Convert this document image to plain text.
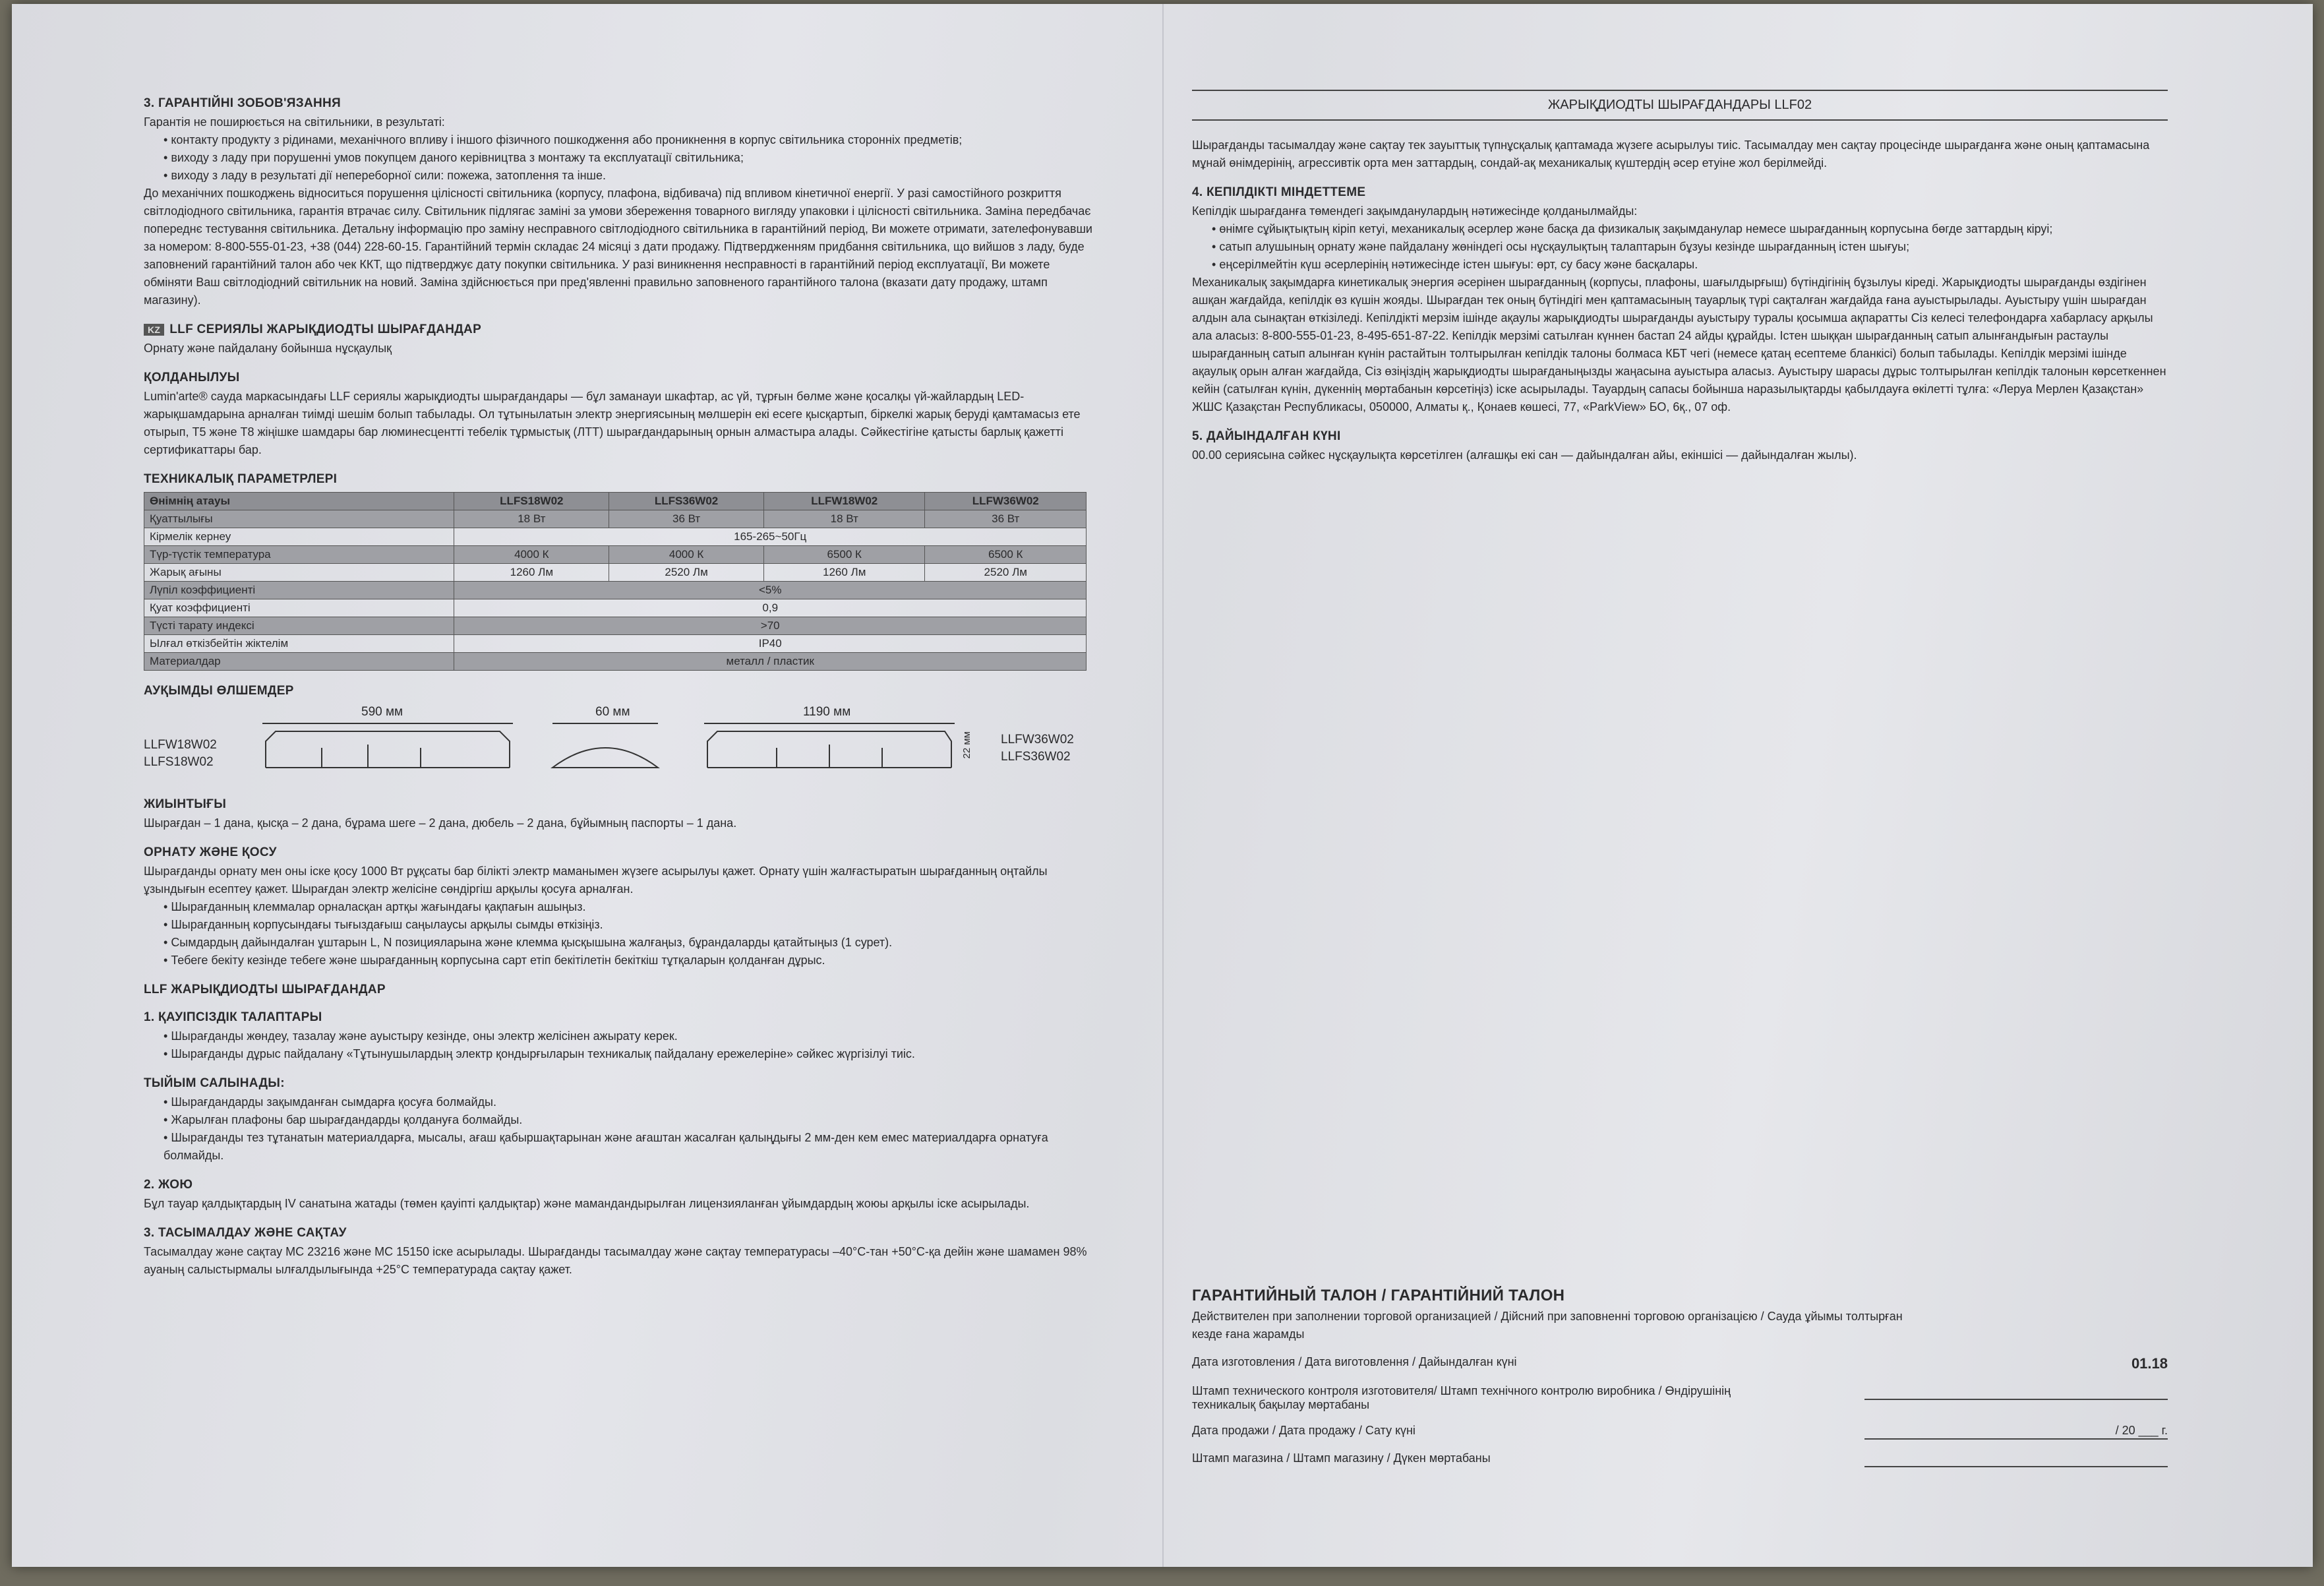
3. ГАРАНТІЙНІ ЗОБОВ'ЯЗАННЯ

Гарантія не поширюється на світильники, в результаті:

• контакту продукту з рідинами, механічного впливу і іншого фізичного пошкодження або проникнення в корпус світильника сторонніх предметів;
• виходу з ладу при порушенні умов покупцем даного керівництва з монтажу та експлуатації світильника;
• виходу з ладу в результаті дії непереборної сили: пожежа, затоплення та інше.

До механічних пошкоджень відноситься порушення цілісності світильника (корпусу, плафона, відбивача) під впливом кінетичної енергії. У разі самостійного розкриття світлодіодного світильника, гарантія втрачає силу. Світильник підлягає заміні за умови збереження товарного вигляду упаковки і цілісності світильника. Заміна передбачає попереднє тестування світильника. Детальну інформацію про заміну несправного світлодіодного світильника в гарантійний період, Ви можете отримати, зателефонувавши за номером: 8-800-555-01-23, +38 (044) 228-60-15. Гарантійний термін складає 24 місяці з дати продажу. Підтвердженням придбання світильника, що вийшов з ладу, буде заповнений гарантійний талон або чек ККТ, що підтверджує дату покупки світильника. У разі виникнення несправності в гарантійний період експлуатації, Ви можете обміняти Ваш світлодіодний світильник на новий. Заміна здійснюється при пред'явленні правильно заповненого гарантійного талона (вказати дату продажу, штамп магазину).

KZ LLF СЕРИЯЛЫ ЖАРЫҚДИОДТЫ ШЫРАҒДАНДАР

Орнату және пайдалану бойынша нұсқаулық

ҚОЛДАНЫЛУЫ

Lumin'arte® сауда маркасындағы LLF сериялы жарықдиодты шырағдандары — бұл заманауи шкафтар, ас үй, тұрғын бөлме және қосалқы үй-жайлардың LED-жарықшамдарына арналған тиімді шешім болып табылады. Ол тұтынылатын электр энергиясының мөлшерін екі есеге қысқартып, біркелкі жарық беруді қамтамасыз ете отырып, Т5 және Т8 жіңішке шамдары бар люминесцентті тебелік тұрмыстық (ЛТТ) шырағдандарының орнын алмастыра алады. Сәйкестігіне қатысты барлық қажетті сертификаттары бар.

ТЕХНИКАЛЫҚ ПАРАМЕТРЛЕРІ
Өнімнің атауы	LLFS18W02	LLFS36W02	LLFW18W02	LLFW36W02
Қуаттылығы	18 Вт	36 Вт	18 Вт	36 Вт
Кірмелік кернеу	165-265~50Гц			
Түр-түстік температура	4000 К	4000 К	6500 К	6500 К
Жарық ағыны	1260 Лм	2520 Лм	1260 Лм	2520 Лм
Лүпіл коэффициенті	<5%			
Қуат коэффициенті	0,9			
Түсті тарату индексі	>70			
Ылғал өткізбейтін жіктелім	IP40			
Материалдар	металл / пластик			
АУҚЫМДЫ ӨЛШЕМДЕР
LLFW18W02
LLFS18W02
590 мм	60 мм	1190 мм
22 мм LLFW36W02
LLFS36W02
ЖИЫНТЫҒЫ

Шырағдан – 1 дана, қысқа – 2 дана, бұрама шеге – 2 дана, дюбель – 2 дана, бұйымның паспорты – 1 дана.

ОРНАТУ ЖӘНЕ ҚОСУ

Шырағданды орнату мен оны іске қосу 1000 Вт рұқсаты бар білікті электр маманымен жүзеге асырылуы қажет. Орнату үшін жалғастыратын шырағданның оңтайлы ұзындығын есептеу қажет. Шырағдан электр желісіне сөндіргіш арқылы қосуға арналған.

• Шырағданның клеммалар орналасқан артқы жағындағы қақпағын ашыңыз.
• Шырағданның корпусындағы тығыздағыш саңылаусы арқылы сымды өткізіңіз.
• Сымдардың дайындалған ұштарын L, N позицияларына және клемма қысқышына жалғаңыз, бұрандаларды қатайтыңыз (1 сурет).
• Тебеге бекіту кезінде тебеге және шырағданның корпусына сарт етіп бекітілетін бекіткіш тұтқаларын қолданған дұрыс.
LLF ЖАРЫҚДИОДТЫ ШЫРАҒДАНДАР
1. ҚАУІПСІЗДІК ТАЛАПТАРЫ
• Шырағданды жөндеу, тазалау және ауыстыру кезінде, оны электр желісінен ажырату керек.
• Шырағданды дұрыс пайдалану «Тұтынушылардың электр қондырғыларын техникалық пайдалану ережелеріне» сәйкес жүргізілуі тиіс.
ТЫЙЫМ САЛЫНАДЫ:
• Шырағдандарды зақымданған сымдарға қосуға болмайды.
• Жарылған плафоны бар шырағдандарды қолдануға болмайды.
• Шырағданды тез тұтанатын материалдарға, мысалы, ағаш қабыршақтарынан және ағаштан жасалған қалыңдығы 2 мм-ден кем емес материалдарға орнатуға болмайды.
2. ЖОЮ

Бұл тауар қалдықтардың IV санатына жатады (төмен қауіпті қалдықтар) және мамандандырылған лицензияланған ұйымдардың жоюы арқылы іске асырылады.

3. ТАСЫМАЛДАУ ЖӘНЕ САҚТАУ

Тасымалдау және сақтау МС 23216 және МС 15150 іске асырылады. Шырағданды тасымалдау және сақтау температурасы –40°С-тан +50°С-қа дейін және шамамен 98% ауаның салыстырмалы ылғалдылығында +25°С температурада сақтау қажет.

ЖАРЫҚДИОДТЫ ШЫРАҒДАНДАРЫ LLF02

Шырағданды тасымалдау және сақтау тек зауыттық түпнұсқалық қаптамада жүзеге асырылуы тиіс. Тасымалдау мен сақтау процесінде шырағданға және оның қаптамасына мұнай өнімдерінің, агрессивтік орта мен заттардың, сондай-ақ механикалық күштердің әсер етуіне жол берілмейді.

4. КЕПІЛДІКТІ МІНДЕТТЕМЕ

Кепілдік шырағданға төмендегі зақымданулардың нәтижесінде қолданылмайды:

• өнімге сұйықтықтың кіріп кетуі, механикалық әсерлер және басқа да физикалық зақымданулар немесе шырағданның корпусына бөгде заттардың кіруі;
• сатып алушының орнату және пайдалану жөніндегі осы нұсқаулықтың талаптарын бұзуы кезінде шырағданның істен шығуы;
• еңсерілмейтін күш әсерлерінің нәтижесінде істен шығуы: өрт, су басу және басқалары.

Механикалық зақымдарға кинетикалық энергия әсерінен шырағданның (корпусы, плафоны, шағылдырғыш) бүтіндігінің бұзылуы кіреді. Жарықдиодты шырағданды өздігінен ашқан жағдайда, кепілдік өз күшін жояды. Шырағдан тек оның бүтіндігі мен қаптамасының тауарлық түрі сақталған жағдайда ғана ауыстырылады. Ауыстыру үшін шырағдан алдын ала сынақтан өткізіледі. Кепілдікті мерзім ішінде ақаулы жарықдиодты шырағданды ауыстыру туралы қосымша ақпаратты Сіз келесі телефондарға хабарласу арқылы ала аласыз: 8-800-555-01-23, 8-495-651-87-22. Кепілдік мерзімі сатылған күннен бастап 24 айды құрайды. Істен шыққан шырағданның сатып алынғандығын растаулы шырағданның сатып алынған күнін растайтын толтырылған кепілдік талоны болмаса КБТ чегі (немесе қатаң есептеме бланкісі) болып табылады. Кепілдік мерзімі ішінде ақаулық орын алған жағдайда, Сіз өзіңіздің жарықдиодты шырағданыңызды жаңасына ауыстыра аласыз. Ауыстыру шарасы дұрыс толтырылған кепілдік талонын көрсеткеннен кейін (сатылған күнін, дүкеннің мөртабанын көрсетіңіз) іске асырылады. Тауардың сапасы бойынша наразылықтарды қабылдауға өкілетті тұлға: «Леруа Мерлен Қазақстан» ЖШС Қазақстан Республикасы, 050000, Алматы қ., Қонаев көшесі, 77, «ParkView» БО, 6қ., 07 оф.

5. ДАЙЫНДАЛҒАН КҮНІ

00.00 сериясына сәйкес нұсқаулықта көрсетілген (алғашқы екі сан — дайындалған айы, екіншісі — дайындалған жылы).

ГАРАНТИЙНЫЙ ТАЛОН / ГАРАНТІЙНИЙ ТАЛОН

Действителен при заполнении торговой организацией / Дійсний при заповненні торговою організацією / Сауда ұйымы толтырған кезде ғана жарамды

Дата изготовления / Дата виготовлення / Дайындалған күні	01.18
Штамп технического контроля изготовителя/ Штамп технічного контролю виробника / Өндірушінің техникалық бақылау мөртабаны
Дата продажи / Дата продажу / Сату күні	/ 20 ___ г.
Штамп магазина / Штамп магазину / Дүкен мөртабаны
